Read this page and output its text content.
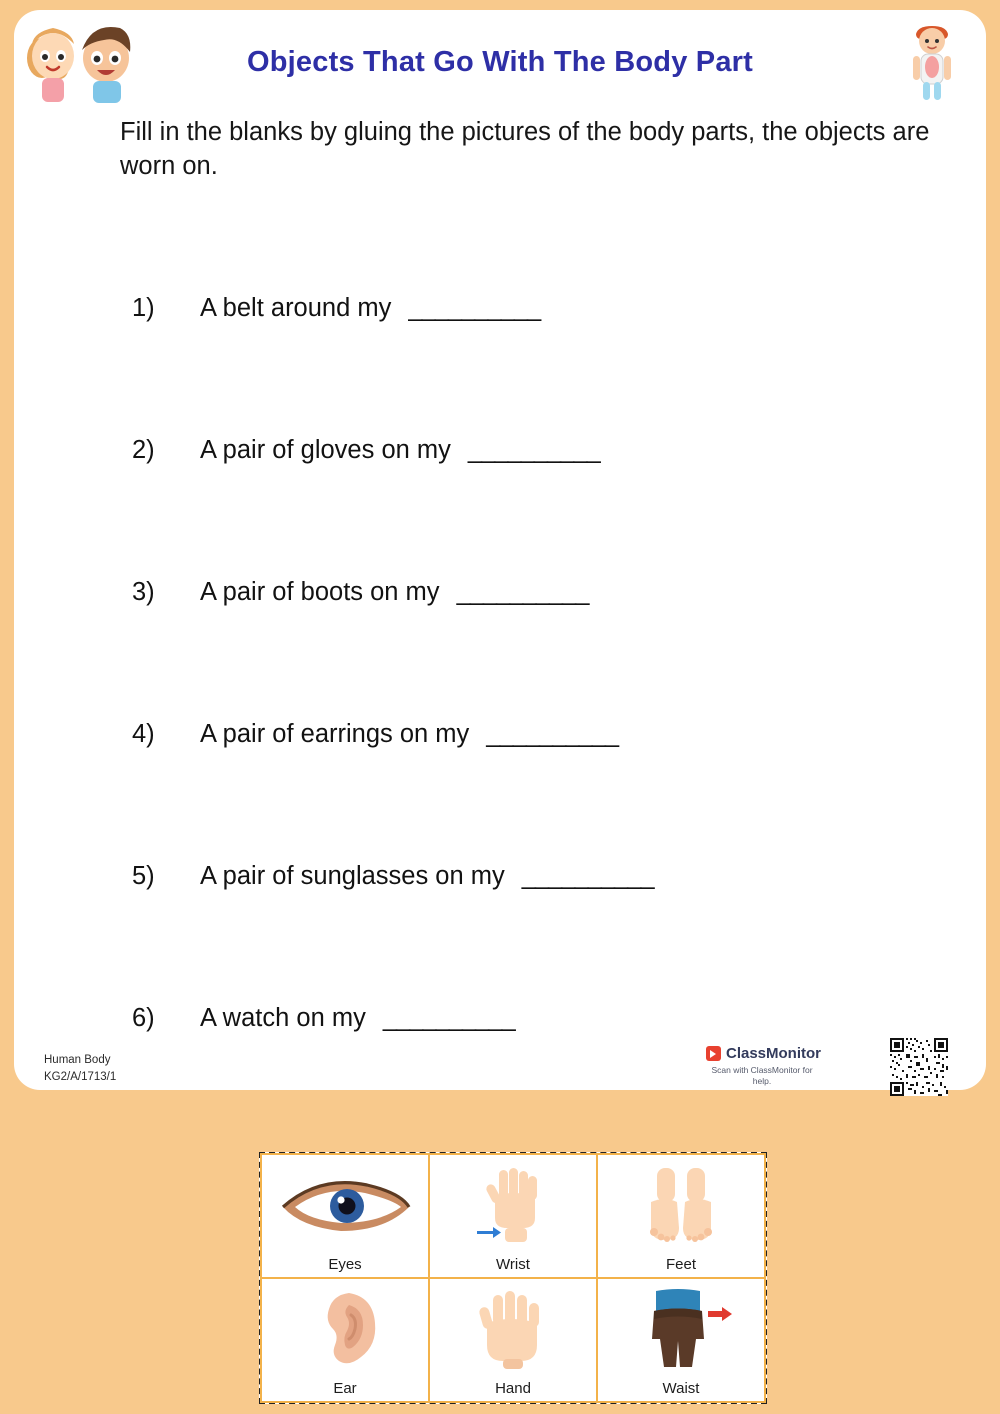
Objects That Go With The Body Part
Fill in the blanks by gluing the pictures of the body parts, the objects are worn on.
1)	A belt around my __________
2)	A pair of gloves on my __________
3)	A pair of boots on my __________
4)	A pair of earrings on my __________
5)	A pair of sunglasses on my __________
6)	A watch on my __________
Human Body
KG2/A/1713/1
ClassMonitor
Scan with ClassMonitor for help.
Eyes	Wrist	Feet
Ear	Hand	Waist
